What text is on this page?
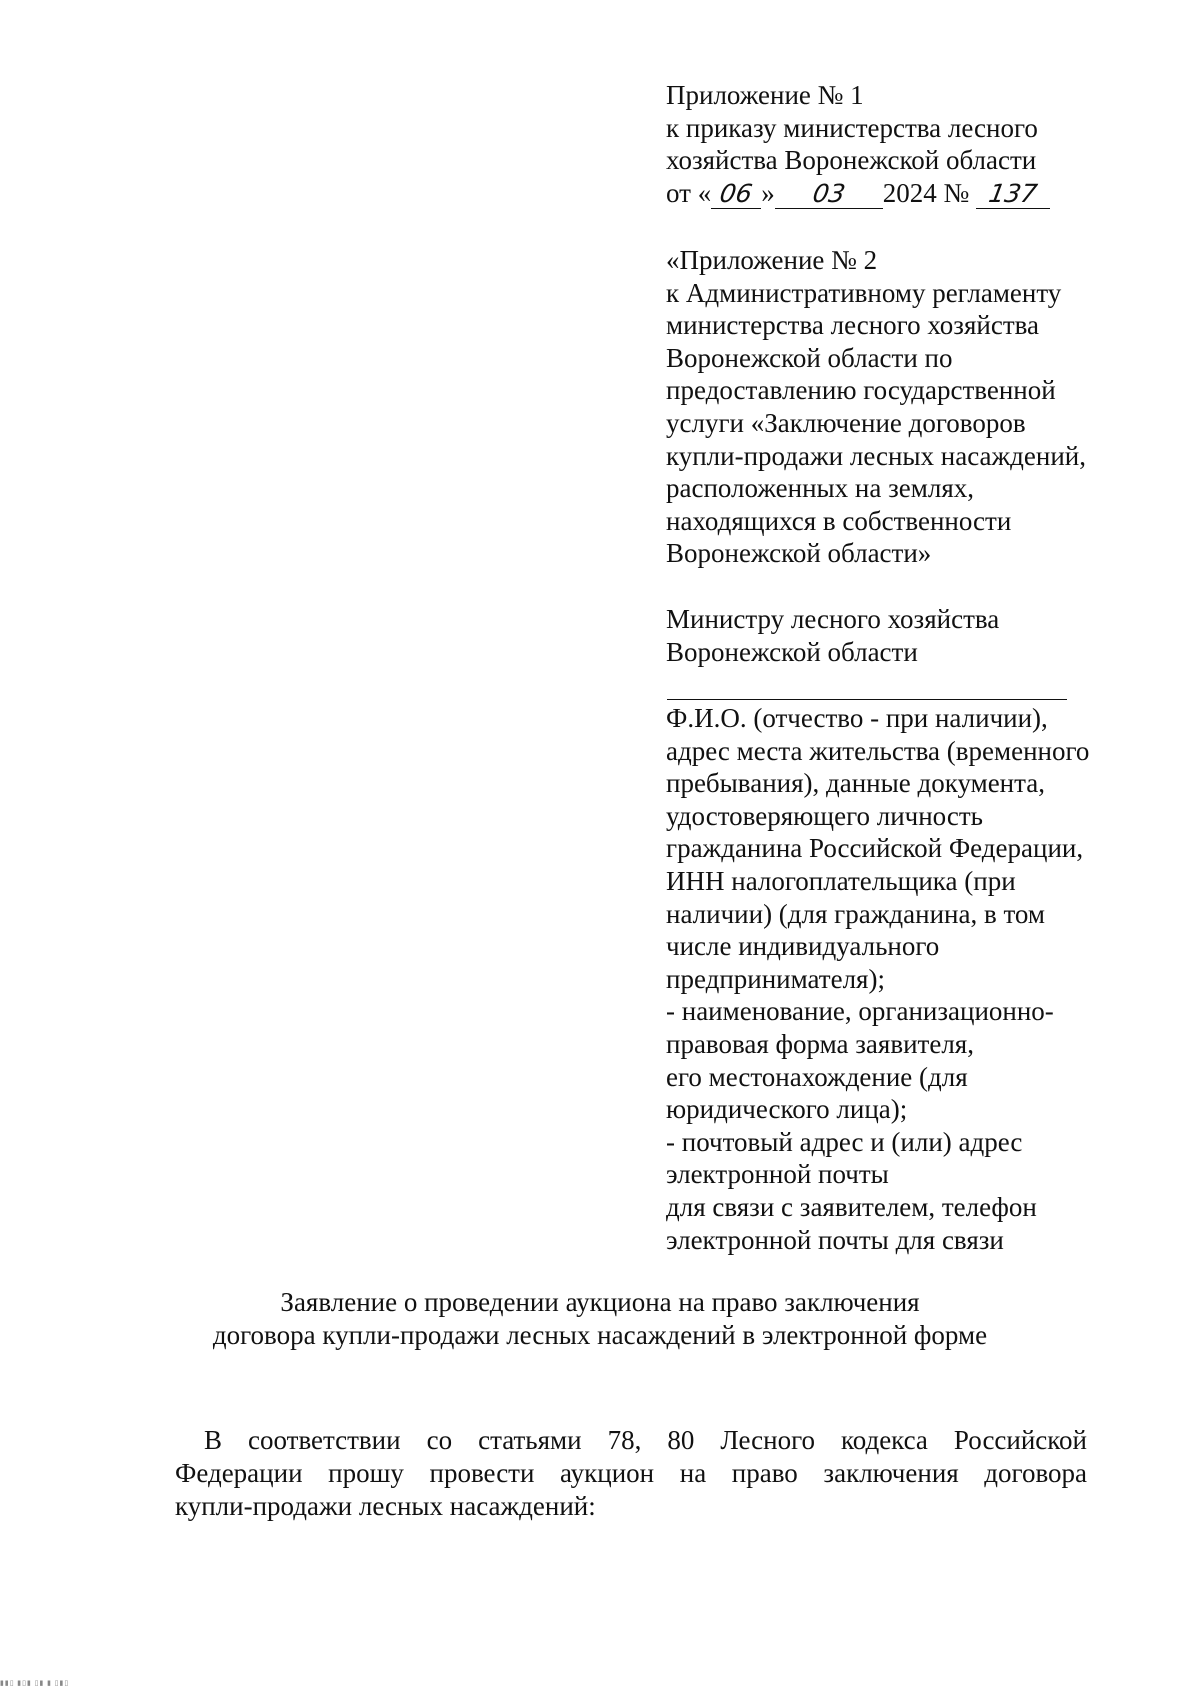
Приложение № 1
к приказу министерства лесного
хозяйства Воронежской области
от « 06 » 03 2024 № 137
«Приложение № 2
к Административному регламенту
министерства лесного хозяйства
Воронежской области по
предоставлению государственной
услуги «Заключение договоров
купли-продажи лесных насаждений,
расположенных на землях,
находящихся в собственности
Воронежской области»
Министру лесного хозяйства
Воронежской области
Ф.И.О. (отчество - при наличии),
адрес места жительства (временного
пребывания), данные документа,
удостоверяющего личность
гражданина Российской Федерации,
ИНН налогоплательщика (при
наличии) (для гражданина, в том
числе индивидуального
предпринимателя);
- наименование, организационно-
правовая форма заявителя,
его местонахождение (для
юридического лица);
- почтовый адрес и (или) адрес
электронной почты
для связи с заявителем, телефон
электронной почты для связи
Заявление о проведении аукциона на право заключения
договора купли-продажи лесных насаждений в электронной форме
В соответствии со статьями 78, 80 Лесного кодекса Российской
Федерации прошу провести аукцион на право заключения договора
купли-продажи лесных насаждений:
▮▮▯ ▮▯▮ ▯▮ ▮ ▯▮▯
